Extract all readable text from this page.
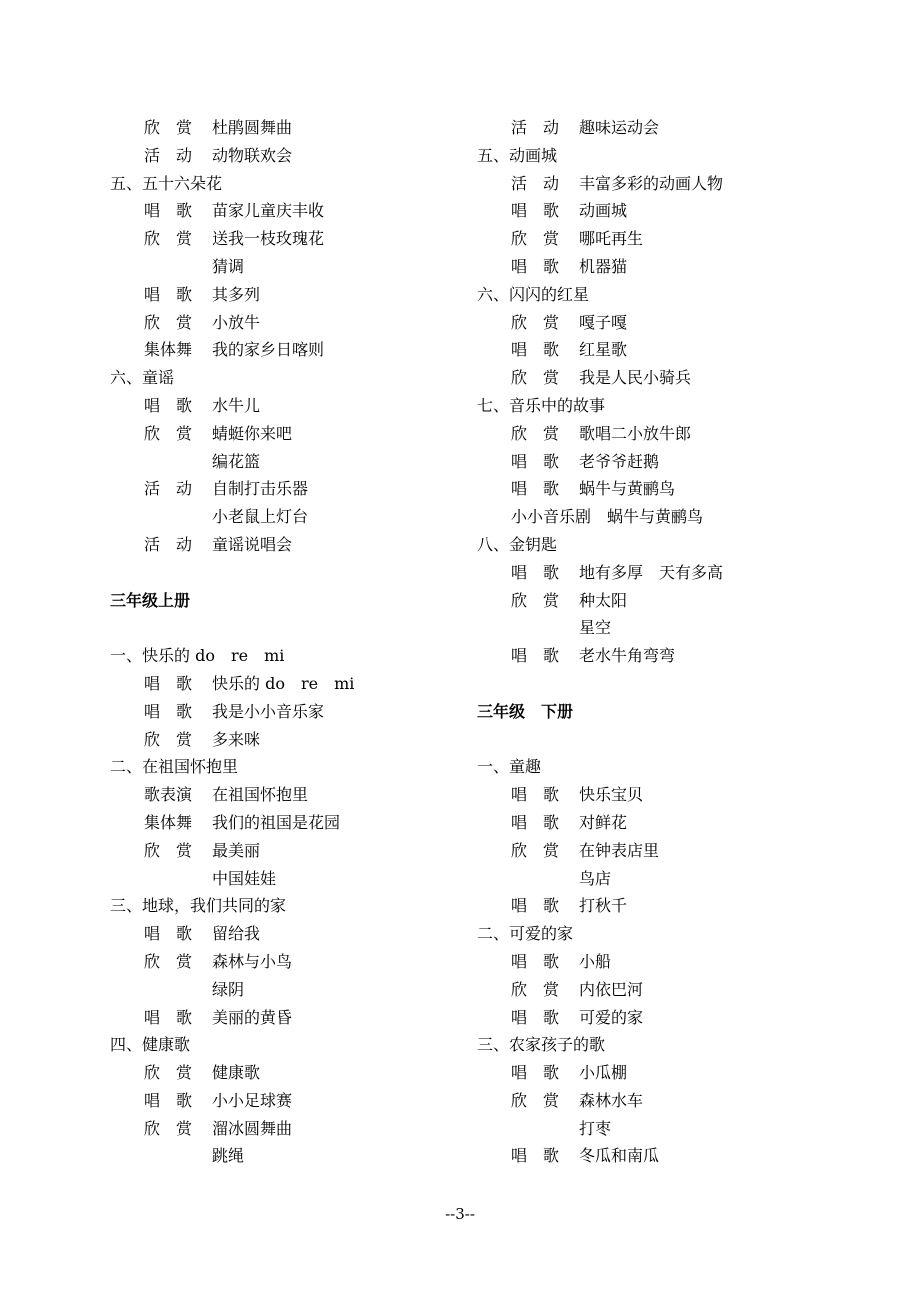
欣　赏 杜鹃圆舞曲
活　动 动物联欢会
五、五十六朵花
唱　歌 苗家儿童庆丰收
欣　赏 送我一枝玫瑰花
猜调
唱　歌 其多列
欣　赏 小放牛
集体舞 我的家乡日喀则
六、童谣
唱　歌 水牛儿
欣　赏 蜻蜓你来吧
编花篮
活　动 自制打击乐器
小老鼠上灯台
活　动 童谣说唱会
三年级上册
一、快乐的 do　re　mi
唱　歌 快乐的 do　re　mi
唱　歌 我是小小音乐家
欣　赏 多来咪
二、在祖国怀抱里
歌表演 在祖国怀抱里
集体舞 我们的祖国是花园
欣　赏 最美丽
中国娃娃
三、地球，我们共同的家
唱　歌 留给我
欣　赏 森林与小鸟
绿阴
唱　歌 美丽的黄昏
四、健康歌
欣　赏 健康歌
唱　歌 小小足球赛
欣　赏 溜冰圆舞曲
跳绳
活　动 趣味运动会
五、动画城
活　动 丰富多彩的动画人物
唱　歌 动画城
欣　赏 哪吒再生
唱　歌 机器猫
六、闪闪的红星
欣　赏 嘎子嘎
唱　歌 红星歌
欣　赏 我是人民小骑兵
七、音乐中的故事
欣　赏 歌唱二小放牛郎
唱　歌 老爷爷赶鹅
唱　歌 蜗牛与黄鹂鸟
小小音乐剧　蜗牛与黄鹂鸟
八、金钥匙
唱　歌 地有多厚　天有多高
欣　赏 种太阳
星空
唱　歌 老水牛角弯弯
三年级　下册
一、童趣
唱　歌 快乐宝贝
唱　歌 对鲜花
欣　赏 在钟表店里
鸟店
唱　歌 打秋千
二、可爱的家
唱　歌 小船
欣　赏 内依巴河
唱　歌 可爱的家
三、农家孩子的歌
唱　歌 小瓜棚
欣　赏 森林水车
打枣
唱　歌 冬瓜和南瓜
--3--
